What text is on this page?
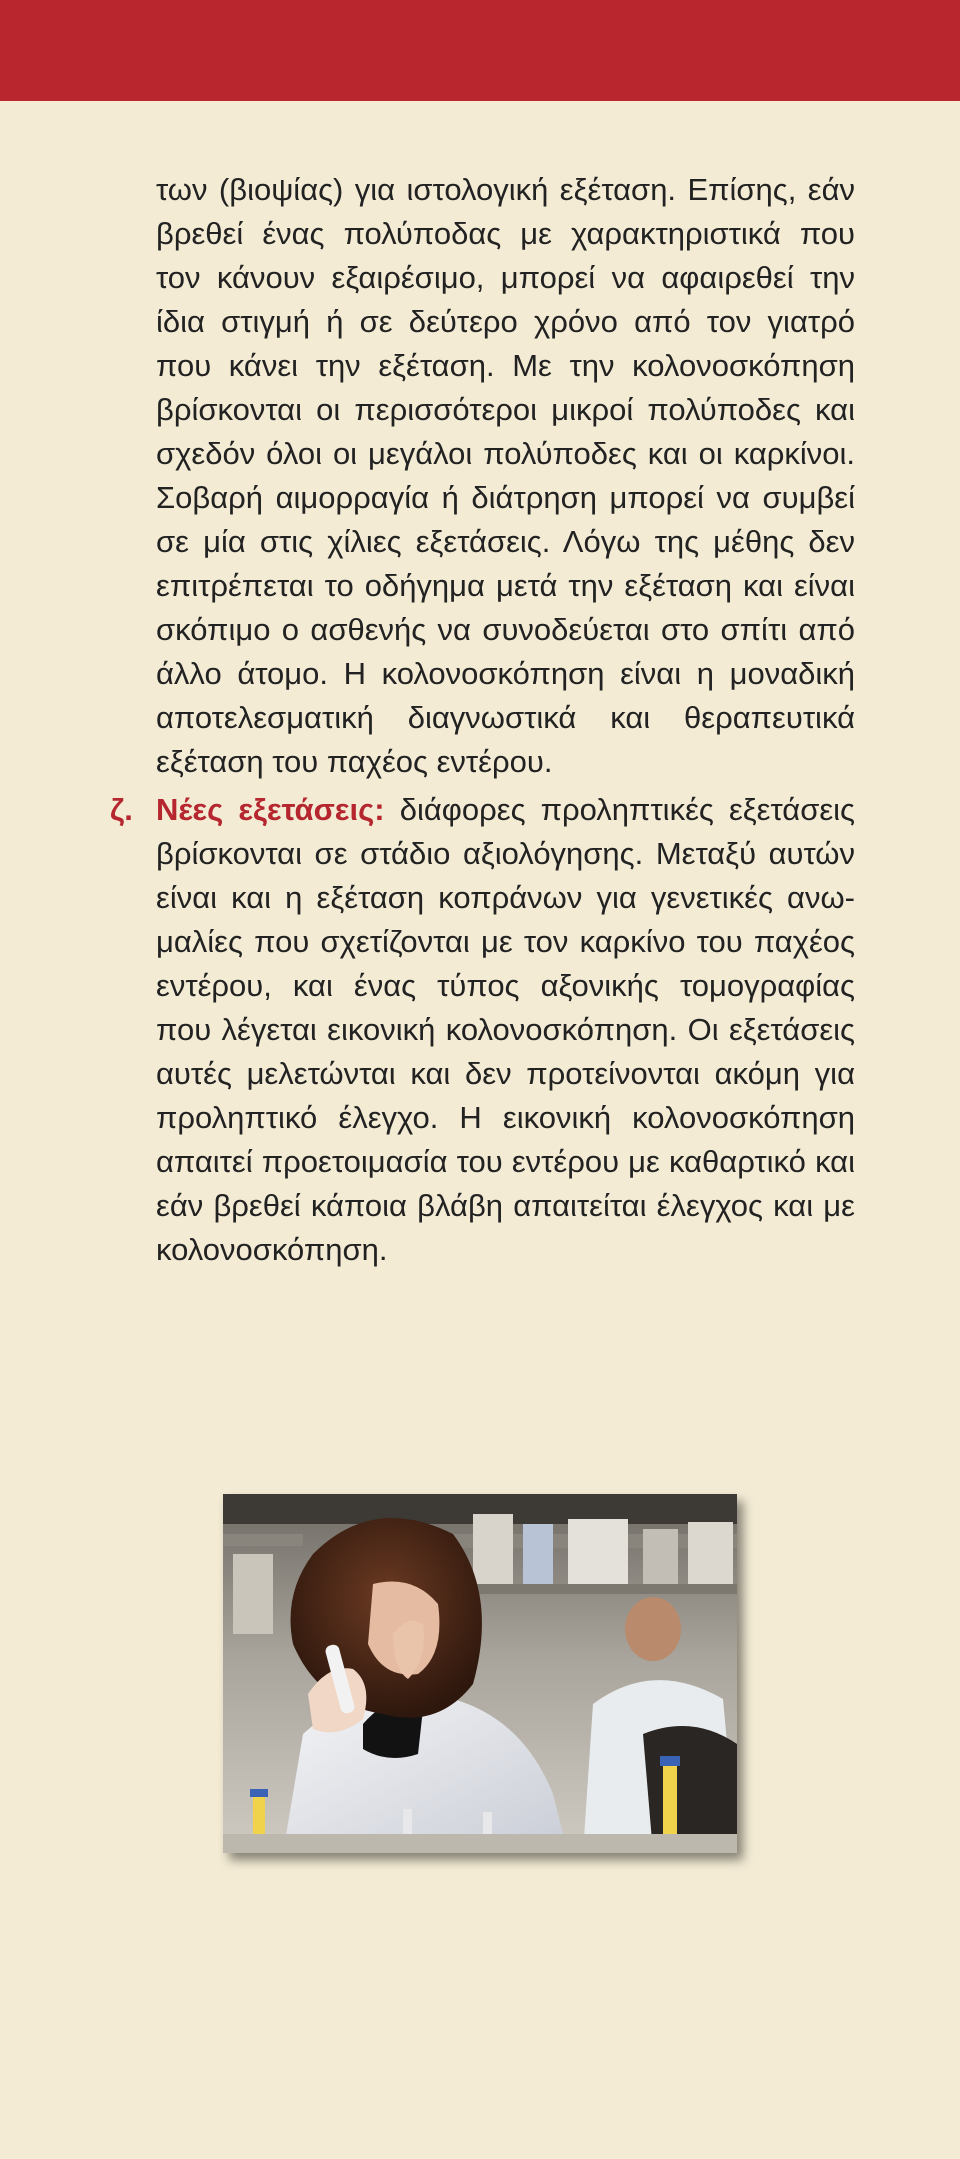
των (βιοψίας) για ιστολογική εξέταση. Επίσης, εάν βρεθεί ένας πολύποδας με χαρακτηριστικά που τον κάνουν εξαιρέσιμο, μπορεί να αφαιρεθεί την ίδια στιγμή ή σε δεύτερο χρόνο από τον γιατρό που κάνει την εξέταση. Με την κολονοσκόπηση βρίσκονται οι περισσότεροι μικροί πολύποδες και σχεδόν όλοι οι μεγάλοι πολύποδες και οι καρκίνοι. Σοβαρή αιμορραγία ή διάτρηση μπορεί να συμβεί σε μία στις χίλιες εξετάσεις. Λόγω της μέθης δεν επιτρέπεται το οδήγημα μετά την εξέταση και είναι σκόπιμο ο ασθενής να συνοδεύεται στο σπίτι από άλλο άτομο. Η κολονοσκόπηση είναι η μοναδική αποτελεσματική διαγνωστικά και θεραπευτικά εξέταση του παχέος εντέρου.

ζ. Νέες εξετάσεις: διάφορες προληπτικές εξετάσεις βρίσκονται σε στάδιο αξιολόγησης. Μεταξύ αυτών είναι και η εξέταση κοπράνων για γενετικές ανωμαλίες που σχετίζονται με τον καρκίνο του παχέος εντέρου, και ένας τύπος αξονικής τομογραφίας που λέγεται εικονική κολονοσκόπηση. Οι εξετάσεις αυτές μελετώνται και δεν προτείνονται ακόμη για προληπτικό έλεγχο. Η εικονική κολονοσκόπηση απαιτεί προετοιμασία του εντέρου με καθαρτικό και εάν βρεθεί κάποια βλάβη απαιτείται έλεγχος και με κολονοσκόπηση.
